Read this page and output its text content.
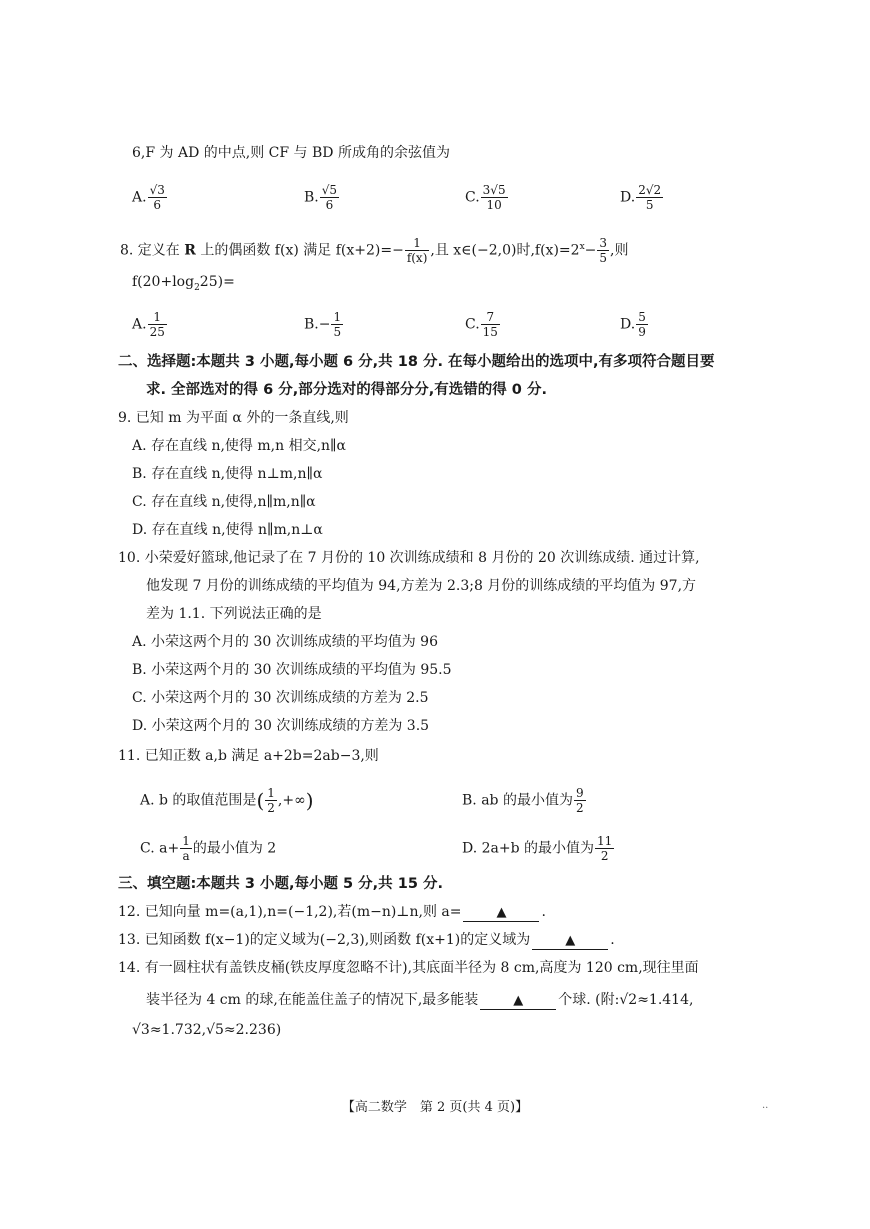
6,F 为 AD 的中点,则 CF 与 BD 所成角的余弦值为
A. $\frac{√3}{6}$	B. $\frac{√5}{6}$	C. $\frac{3√5}{10}$	D. $\frac{2√2}{5}$
8. 定义在 R 上的偶函数 f(x) 满足 $f(x+2)=- \frac{1}{f(x)}$ ,且 x∈(−2,0)时$,f(x)=2^x- \frac{3}{5}$ ,则
$f(20+\log_225)=$
A. $\frac{1}{25}$	$B.- \frac{1}{5}$	C. $\frac{7}{15}$	D. $\frac{5}{9}$
二、选择题:本题共 3 小题,每小题 6 分,共 18 分. 在每小题给出的选项中,有多项符合题目要
求. 全部选对的得 6 分,部分选对的得部分分,有选错的得 0 分.
9. 已知 m 为平面 α 外的一条直线,则
A. 存在直线 n,使得 m,n 相交,n∥α
B. 存在直线 n,使得 n⊥m,n∥α
C. 存在直线 n,使得,n∥m,n∥α
D. 存在直线 n,使得 n∥m,n⊥α
10. 小荣爱好篮球,他记录了在 7 月份的 10 次训练成绩和 8 月份的 20 次训练成绩. 通过计算,
他发现 7 月份的训练成绩的平均值为 94,方差为 2.3;8 月份的训练成绩的平均值为 97,方
差为 1.1. 下列说法正确的是
A. 小荣这两个月的 30 次训练成绩的平均值为 96
B. 小荣这两个月的 30 次训练成绩的平均值为 95.5
C. 小荣这两个月的 30 次训练成绩的方差为 2.5
D. 小荣这两个月的 30 次训练成绩的方差为 3.5
11. 已知正数 a,b 满足 a+2b=2ab−3,则
A. b 的取值范围是( $\frac{1}{2}$ ,+∞)	B. ab 的最小值为 $\frac{9}{2}$
C. $a+ \frac{1}{a}$ 的最小值为 2	D. 2a+b 的最小值为 $\frac{11}{2}$
三、填空题:本题共 3 小题,每小题 5 分,共 15 分.
12. 已知向量 m=(a,1),n=(−1,2),若(m−n)⊥n,则 a=	▲	.
13. 已知函数 f(x−1)的定义域为(−2,3),则函数 f(x+1)的定义域为	▲	.
14. 有一圆柱状有盖铁皮桶(铁皮厚度忽略不计),其底面半径为 8 cm,高度为 120 cm,现往里面
装半径为 4 cm 的球,在能盖住盖子的情况下,最多能装	▲	个球. (附:√2≈1.414,
√3≈1.732,√5≈2.236)
【高二数学　第 2 页(共 4 页)】	..
